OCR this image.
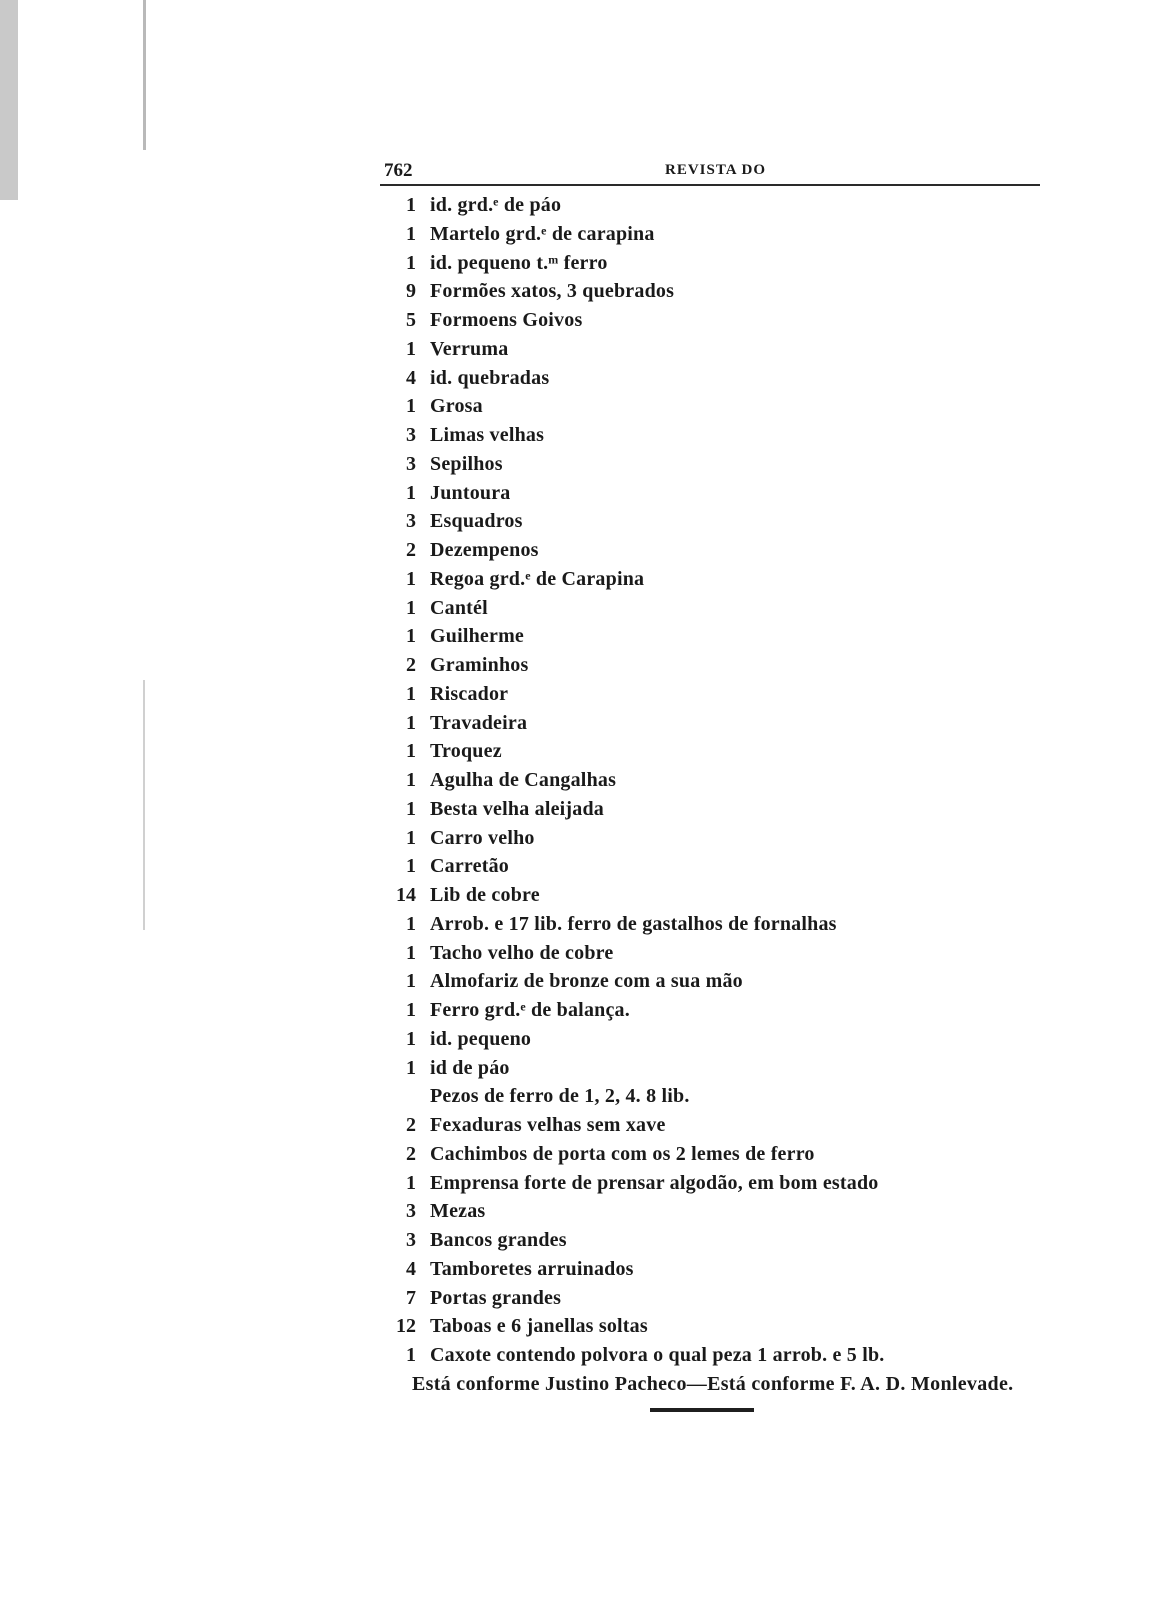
762	REVISTA DO
1 id. grd.ᵉ de páo
1 Martelo grd.ᵉ de carapina
1 id. pequeno t.ᵐ ferro
9 Formões xatos, 3 quebrados
5 Formoens Goivos
1 Verruma
4 id. quebradas
1 Grosa
3 Limas velhas
3 Sepilhos
1 Juntoura
3 Esquadros
2 Dezempenos
1 Regoa grd.ᵉ de Carapina
1 Cantél
1 Guilherme
2 Graminhos
1 Riscador
1 Travadeira
1 Troquez
1 Agulha de Cangalhas
1 Besta velha aleijada
1 Carro velho
1 Carretão
14 Lib de cobre
1 Arrob. e 17 lib. ferro de gastalhos de fornalhas
1 Tacho velho de cobre
1 Almofariz de bronze com a sua mão
1 Ferro grd.ᵉ de balança.
1 id. pequeno
1 id de páo
Pezos de ferro de 1, 2, 4. 8 lib.
2 Fexaduras velhas sem xave
2 Cachimbos de porta com os 2 lemes de ferro
1 Emprensa forte de prensar algodão, em bom estado
3 Mezas
3 Bancos grandes
4 Tamboretes arruinados
7 Portas grandes
12 Taboas e 6 janellas soltas
1 Caxote contendo polvora o qual peza 1 arrob. e 5 lb.
Está conforme Justino Pacheco—Está conforme F. A. D. Monlevade.
